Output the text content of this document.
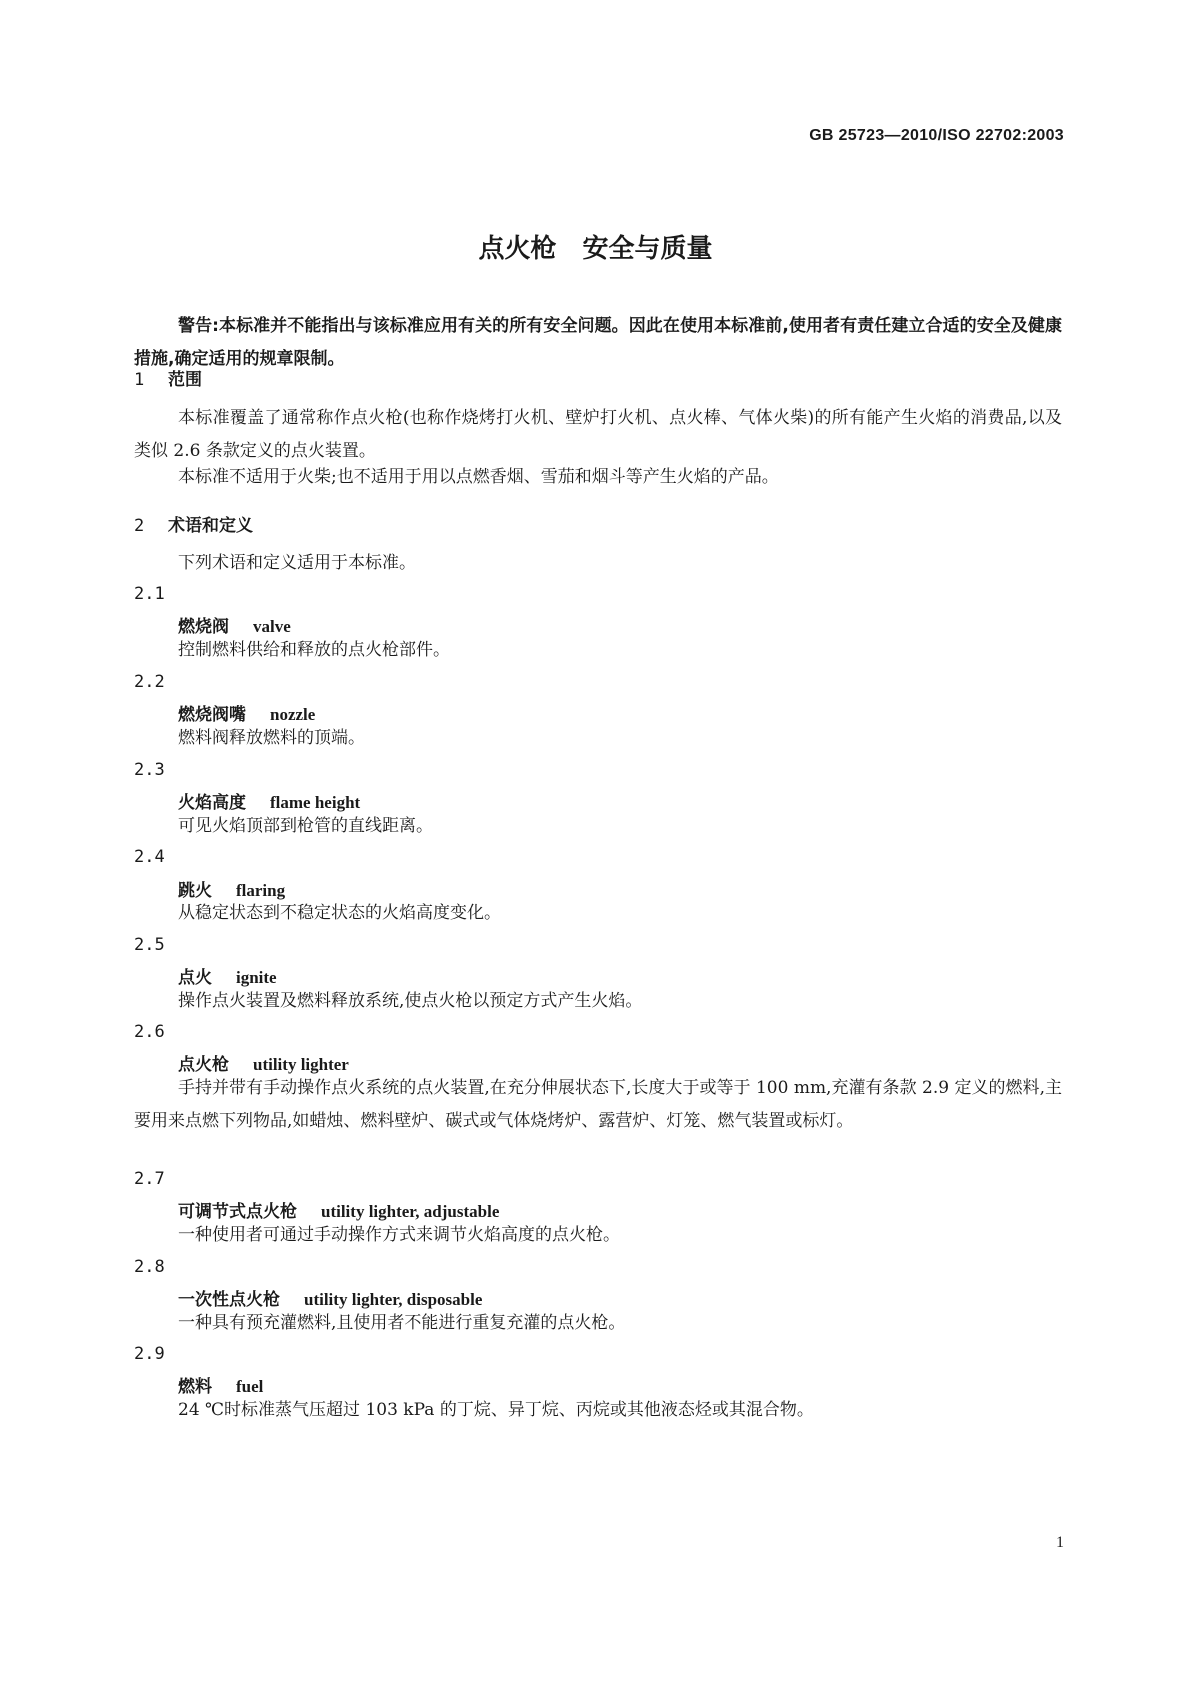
GB 25723—2010/ISO 22702:2003
点火枪　安全与质量
警告:本标准并不能指出与该标准应用有关的所有安全问题。因此在使用本标准前,使用者有责任建立合适的安全及健康措施,确定适用的规章限制。
1 范围
本标准覆盖了通常称作点火枪(也称作烧烤打火机、壁炉打火机、点火棒、气体火柴)的所有能产生火焰的消费品,以及类似 2.6 条款定义的点火装置。
本标准不适用于火柴;也不适用于用以点燃香烟、雪茄和烟斗等产生火焰的产品。
2 术语和定义
下列术语和定义适用于本标准。
2.1
燃烧阀 valve
控制燃料供给和释放的点火枪部件。
2.2
燃烧阀嘴 nozzle
燃料阀释放燃料的顶端。
2.3
火焰高度 flame height
可见火焰顶部到枪管的直线距离。
2.4
跳火 flaring
从稳定状态到不稳定状态的火焰高度变化。
2.5
点火 ignite
操作点火装置及燃料释放系统,使点火枪以预定方式产生火焰。
2.6
点火枪 utility lighter
手持并带有手动操作点火系统的点火装置,在充分伸展状态下,长度大于或等于 100 mm,充灌有条款 2.9 定义的燃料,主要用来点燃下列物品,如蜡烛、燃料壁炉、碳式或气体烧烤炉、露营炉、灯笼、燃气装置或标灯。
2.7
可调节式点火枪 utility lighter, adjustable
一种使用者可通过手动操作方式来调节火焰高度的点火枪。
2.8
一次性点火枪 utility lighter, disposable
一种具有预充灌燃料,且使用者不能进行重复充灌的点火枪。
2.9
燃料 fuel
24 ℃时标准蒸气压超过 103 kPa 的丁烷、异丁烷、丙烷或其他液态烃或其混合物。
1
